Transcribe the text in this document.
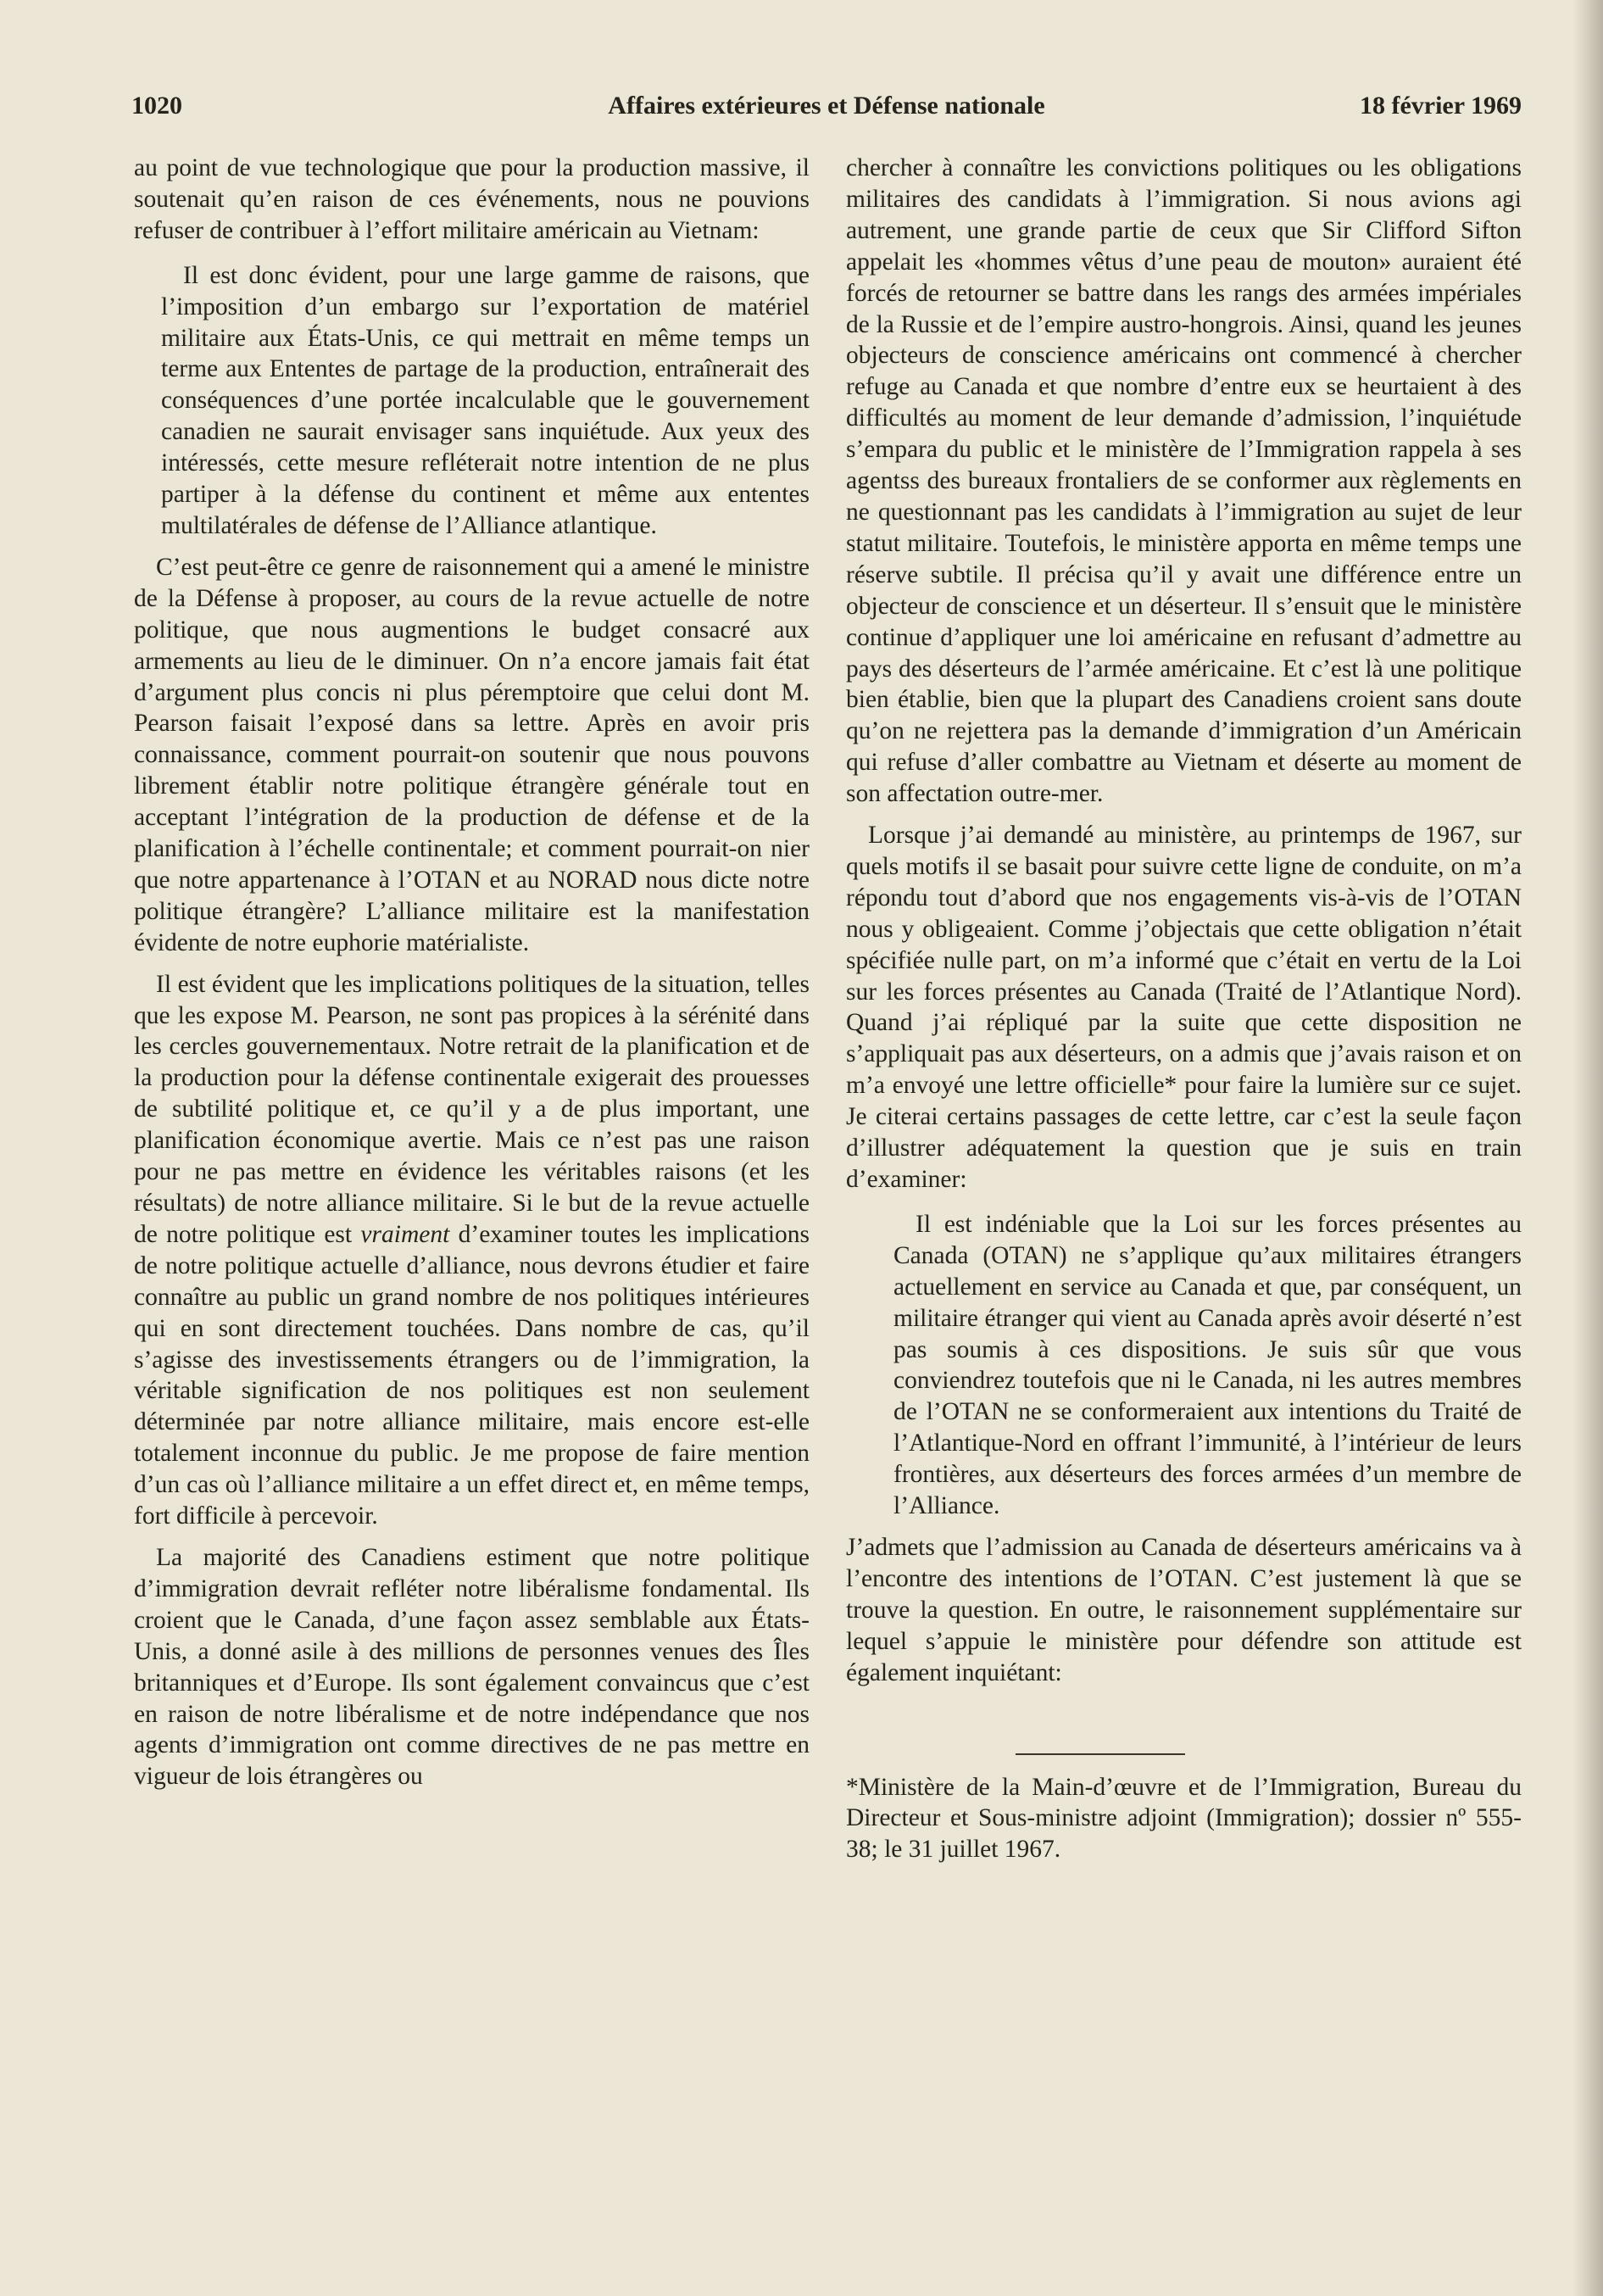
1020	Affaires extérieures et Défense nationale	18 février 1969

au point de vue technologique que pour la production massive, il soutenait qu’en raison de ces événements, nous ne pouvions refuser de contribuer à l’effort militaire américain au Vietnam:

Il est donc évident, pour une large gamme de raisons, que l’imposition d’un embargo sur l’exportation de matériel militaire aux États-Unis, ce qui mettrait en même temps un terme aux Ententes de partage de la production, entraînerait des conséquences d’une portée incalculable que le gouvernement canadien ne saurait envisager sans inquiétude. Aux yeux des intéressés, cette mesure refléterait notre intention de ne plus partiper à la défense du continent et même aux ententes multilatérales de défense de l’Alliance atlantique.

C’est peut-être ce genre de raisonnement qui a amené le ministre de la Défense à proposer, au cours de la revue actuelle de notre politique, que nous augmentions le budget consacré aux armements au lieu de le diminuer. On n’a encore jamais fait état d’argument plus concis ni plus péremptoire que celui dont M. Pearson faisait l’exposé dans sa lettre. Après en avoir pris connaissance, comment pourrait-on soutenir que nous pouvons librement établir notre politique étrangère générale tout en acceptant l’intégration de la production de défense et de la planification à l’échelle continentale; et comment pourrait-on nier que notre appartenance à l’OTAN et au NORAD nous dicte notre politique étrangère? L’alliance militaire est la manifestation évidente de notre euphorie matérialiste.

Il est évident que les implications politiques de la situation, telles que les expose M. Pearson, ne sont pas propices à la sérénité dans les cercles gouvernementaux. Notre retrait de la planification et de la production pour la défense continentale exigerait des prouesses de subtilité politique et, ce qu’il y a de plus important, une planification économique avertie. Mais ce n’est pas une raison pour ne pas mettre en évidence les véritables raisons (et les résultats) de notre alliance militaire. Si le but de la revue actuelle de notre politique est vraiment d’examiner toutes les implications de notre politique actuelle d’alliance, nous devrons étudier et faire connaître au public un grand nombre de nos politiques intérieures qui en sont directement touchées. Dans nombre de cas, qu’il s’agisse des investissements étrangers ou de l’immigration, la véritable signification de nos politiques est non seulement déterminée par notre alliance militaire, mais encore est-elle totalement inconnue du public. Je me propose de faire mention d’un cas où l’alliance militaire a un effet direct et, en même temps, fort difficile à percevoir.

La majorité des Canadiens estiment que notre politique d’immigration devrait refléter notre libéralisme fondamental. Ils croient que le Canada, d’une façon assez semblable aux États-Unis, a donné asile à des millions de personnes venues des Îles britanniques et d’Europe. Ils sont également convaincus que c’est en raison de notre libéralisme et de notre indépendance que nos agents d’immigration ont comme directives de ne pas mettre en vigueur de lois étrangères ou

chercher à connaître les convictions politiques ou les obligations militaires des candidats à l’immigration. Si nous avions agi autrement, une grande partie de ceux que Sir Clifford Sifton appelait les «hommes vêtus d’une peau de mouton» auraient été forcés de retourner se battre dans les rangs des armées impériales de la Russie et de l’empire austro-hongrois. Ainsi, quand les jeunes objecteurs de conscience américains ont commencé à chercher refuge au Canada et que nombre d’entre eux se heurtaient à des difficultés au moment de leur demande d’admission, l’inquiétude s’empara du public et le ministère de l’Immigration rappela à ses agentss des bureaux frontaliers de se conformer aux règlements en ne questionnant pas les candidats à l’immigration au sujet de leur statut militaire. Toutefois, le ministère apporta en même temps une réserve subtile. Il précisa qu’il y avait une différence entre un objecteur de conscience et un déserteur. Il s’ensuit que le ministère continue d’appliquer une loi américaine en refusant d’admettre au pays des déserteurs de l’armée américaine. Et c’est là une politique bien établie, bien que la plupart des Canadiens croient sans doute qu’on ne rejettera pas la demande d’immigration d’un Américain qui refuse d’aller combattre au Vietnam et déserte au moment de son affectation outre-mer.

Lorsque j’ai demandé au ministère, au printemps de 1967, sur quels motifs il se basait pour suivre cette ligne de conduite, on m’a répondu tout d’abord que nos engagements vis-à-vis de l’OTAN nous y obligeaient. Comme j’objectais que cette obligation n’était spécifiée nulle part, on m’a informé que c’était en vertu de la Loi sur les forces présentes au Canada (Traité de l’Atlantique Nord). Quand j’ai répliqué par la suite que cette disposition ne s’appliquait pas aux déserteurs, on a admis que j’avais raison et on m’a envoyé une lettre officielle* pour faire la lumière sur ce sujet. Je citerai certains passages de cette lettre, car c’est la seule façon d’illustrer adéquatement la question que je suis en train d’examiner:

Il est indéniable que la Loi sur les forces présentes au Canada (OTAN) ne s’applique qu’aux militaires étrangers actuellement en service au Canada et que, par conséquent, un militaire étranger qui vient au Canada après avoir déserté n’est pas soumis à ces dispositions. Je suis sûr que vous conviendrez toutefois que ni le Canada, ni les autres membres de l’OTAN ne se conformeraient aux intentions du Traité de l’Atlantique-Nord en offrant l’immunité, à l’intérieur de leurs frontières, aux déserteurs des forces armées d’un membre de l’Alliance.

J’admets que l’admission au Canada de déserteurs américains va à l’encontre des intentions de l’OTAN. C’est justement là que se trouve la question. En outre, le raisonnement supplémentaire sur lequel s’appuie le ministère pour défendre son attitude est également inquiétant:

*Ministère de la Main-d’œuvre et de l’Immigration, Bureau du Directeur et Sous-ministre adjoint (Immigration); dossier nº 555-38; le 31 juillet 1967.
